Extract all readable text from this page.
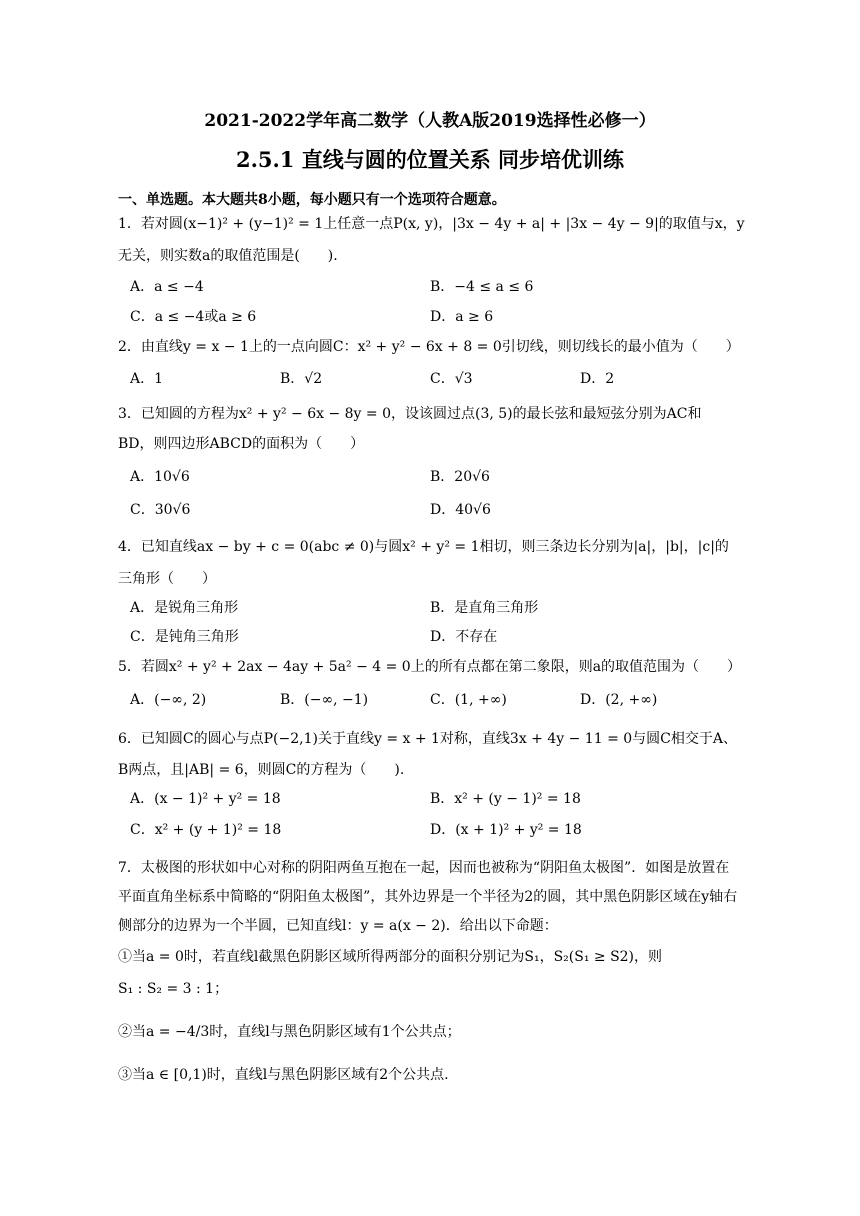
2021-2022学年高二数学（人教A版2019选择性必修一）
2.5.1 直线与圆的位置关系 同步培优训练
一、单选题。本大题共8小题，每小题只有一个选项符合题意。
1．若对圆(x−1)² + (y−1)² = 1上任意一点P(x, y)，|3x − 4y + a| + |3x − 4y − 9|的取值与x，y
无关，则实数a的取值范围是(　　).
A．a ≤ −4	B．−4 ≤ a ≤ 6
C．a ≤ −4或a ≥ 6	D．a ≥ 6
2．由直线y = x − 1上的一点向圆C：x² + y² − 6x + 8 = 0引切线，则切线长的最小值为（　　）
A．1	B．√2	C．√3	D．2
3．已知圆的方程为x² + y² − 6x − 8y = 0，设该圆过点(3, 5)的最长弦和最短弦分别为AC和
BD，则四边形ABCD的面积为（　　）
A．10√6	B．20√6
C．30√6	D．40√6
4．已知直线ax − by + c = 0(abc ≠ 0)与圆x² + y² = 1相切，则三条边长分别为|a|，|b|，|c|的
三角形（　　）
A．是锐角三角形	B．是直角三角形
C．是钝角三角形	D．不存在
5．若圆x² + y² + 2ax − 4ay + 5a² − 4 = 0上的所有点都在第二象限，则a的取值范围为（　　）
A．(−∞, 2)	B．(−∞, −1)	C．(1, +∞)	D．(2, +∞)
6．已知圆C的圆心与点P(−2,1)关于直线y = x + 1对称，直线3x + 4y − 11 = 0与圆C相交于A、
B两点，且|AB| = 6，则圆C的方程为（　　).
A．(x − 1)² + y² = 18	B．x² + (y − 1)² = 18
C．x² + (y + 1)² = 18	D．(x + 1)² + y² = 18
7．太极图的形状如中心对称的阴阳两鱼互抱在一起，因而也被称为“阴阳鱼太极图”．如图是放置在平面直角坐标系中简略的“阴阳鱼太极图”，其外边界是一个半径为2的圆，其中黑色阴影区域在y轴右侧部分的边界为一个半圆，已知直线l：y = a(x − 2)．给出以下命题：
①当a = 0时，若直线l截黑色阴影区域所得两部分的面积分别记为S₁，S₂(S₁ ≥ S2)，则
S₁ : S₂ = 3 : 1；
②当a = −4/3时，直线l与黑色阴影区域有1个公共点；
③当a ∈ [0,1)时，直线l与黑色阴影区域有2个公共点.
